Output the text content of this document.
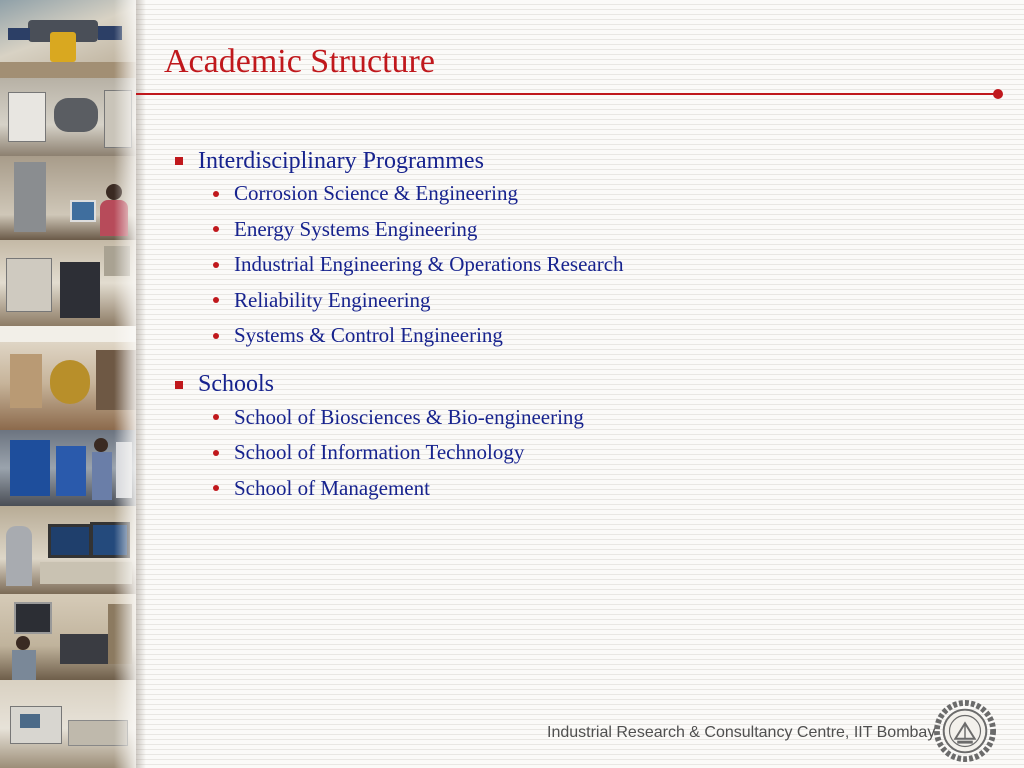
Academic Structure
Interdisciplinary Programmes
Corrosion Science & Engineering
Energy Systems Engineering
Industrial Engineering & Operations Research
Reliability Engineering
Systems & Control Engineering
Schools
School of Biosciences & Bio-engineering
School of Information Technology
School of Management
Industrial Research & Consultancy Centre, IIT Bombay
